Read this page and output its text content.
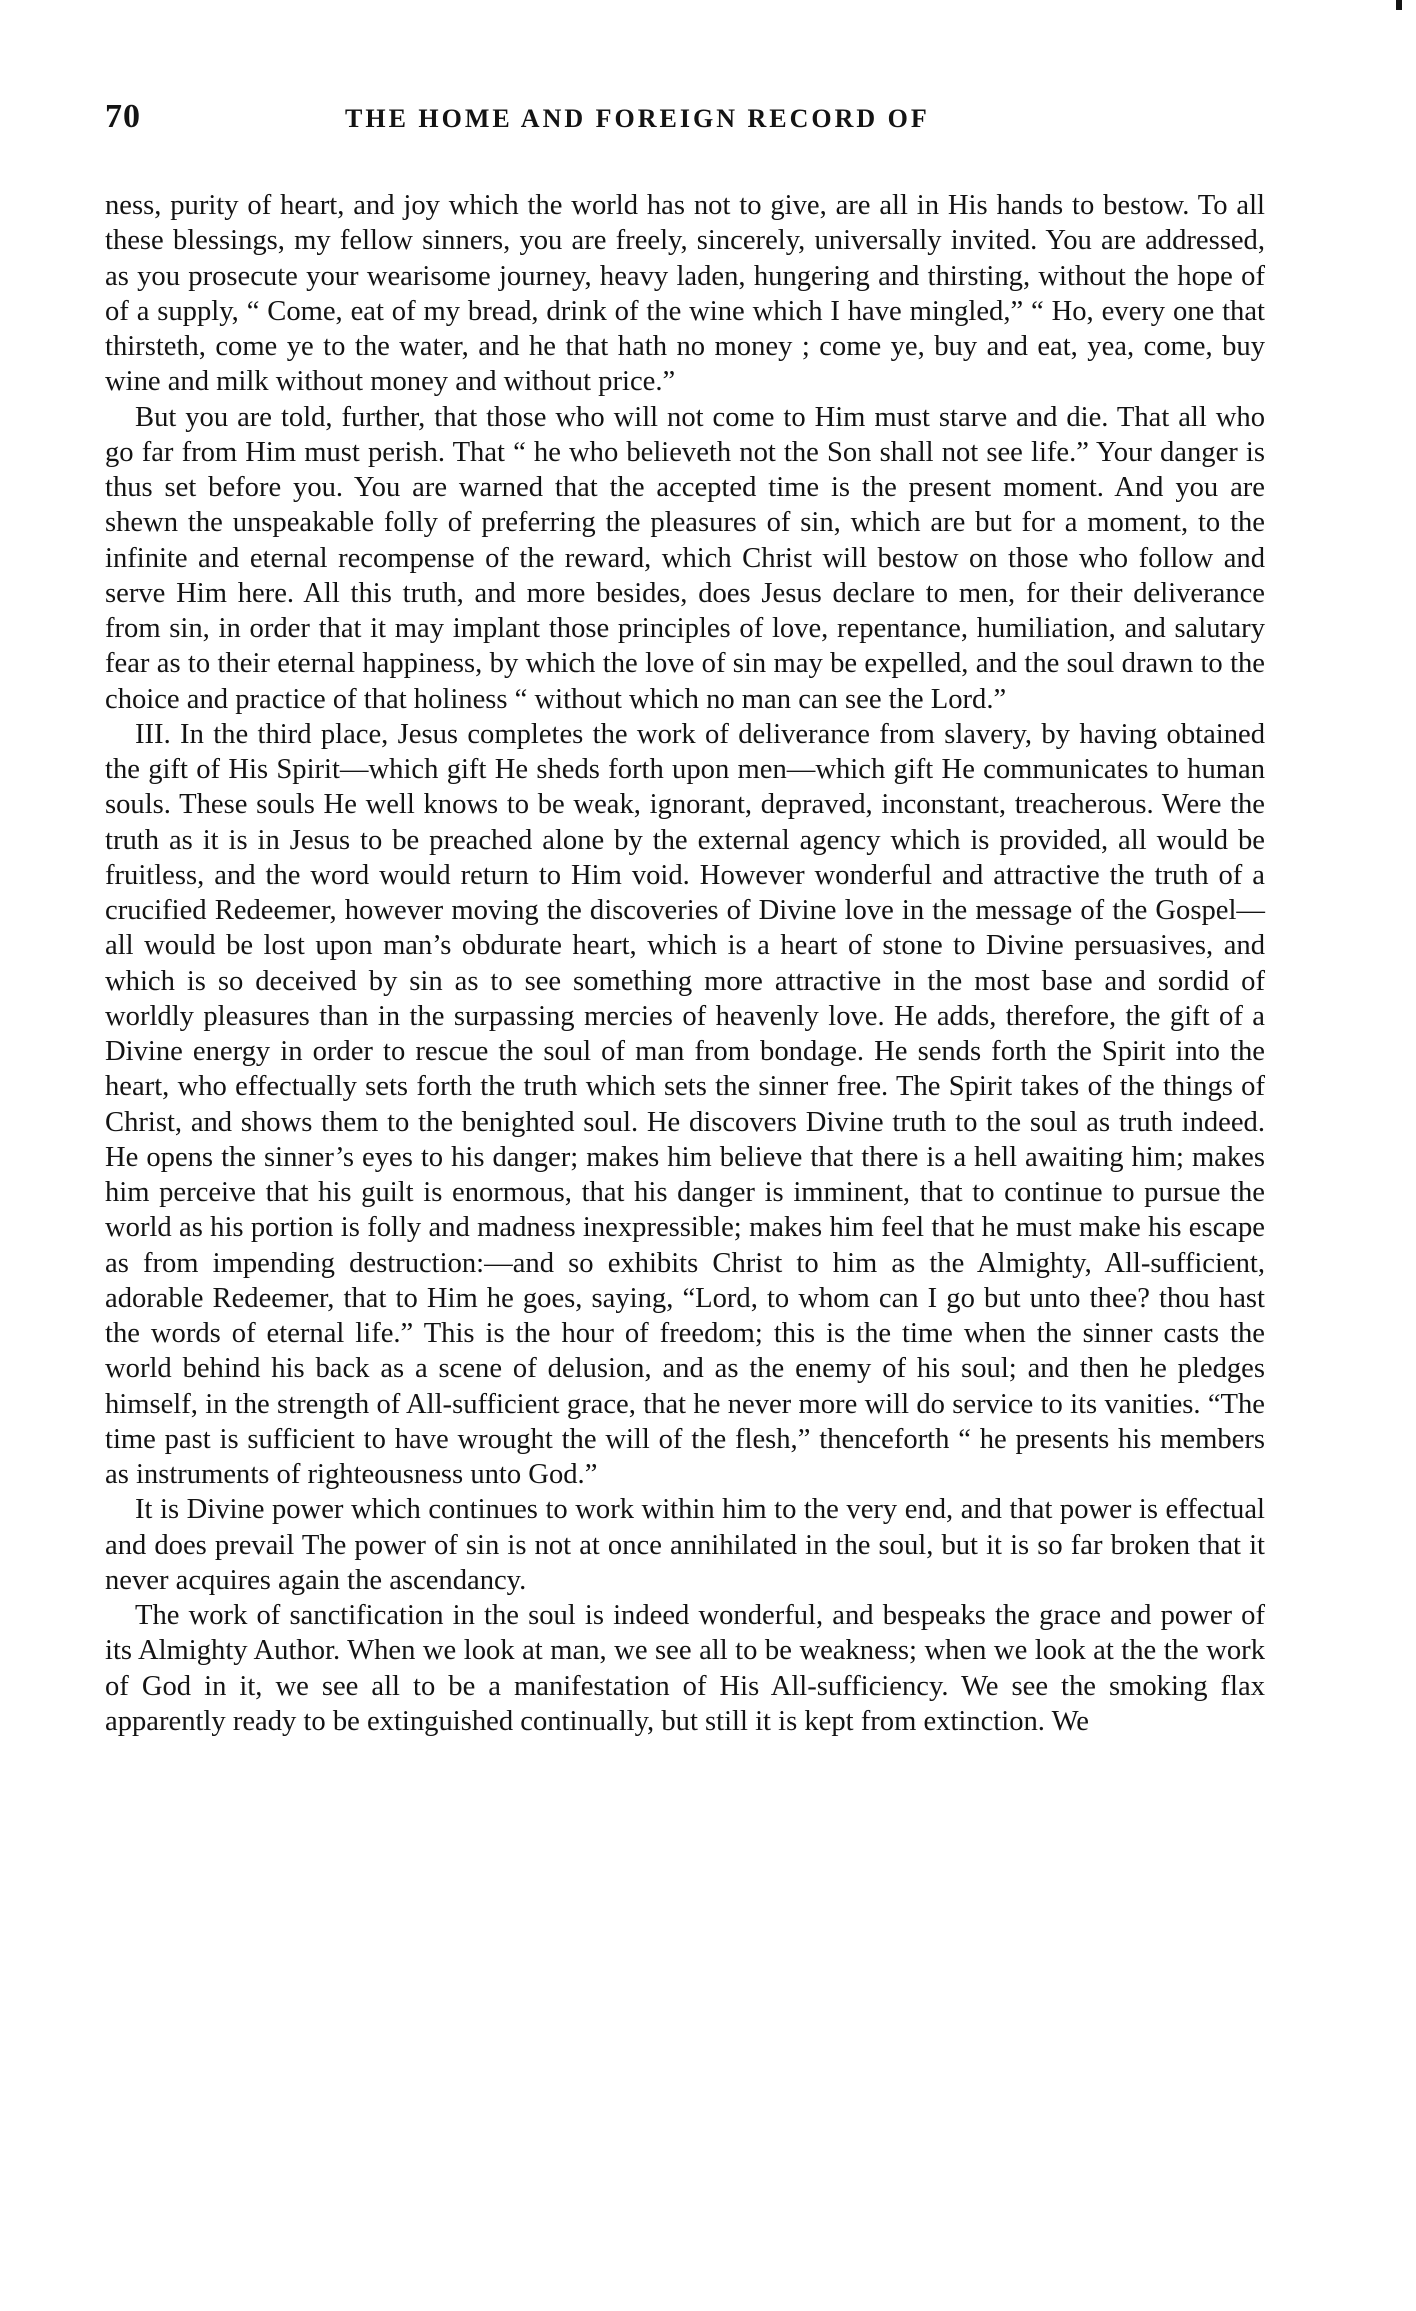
70	THE HOME AND FOREIGN RECORD OF

ness, purity of heart, and joy which the world has not to give, are all in His hands to bestow. To all these blessings, my fellow sinners, you are freely, sincerely, universally invited. You are addressed, as you prosecute your wearisome journey, heavy laden, hungering and thirsting, without the hope of of a supply, “ Come, eat of my bread, drink of the wine which I have mingled,” “ Ho, every one that thirsteth, come ye to the water, and he that hath no money ; come ye, buy and eat, yea, come, buy wine and milk without money and without price.”

But you are told, further, that those who will not come to Him must starve and die. That all who go far from Him must perish. That “ he who believeth not the Son shall not see life.” Your danger is thus set before you. You are warned that the accepted time is the present moment. And you are shewn the unspeakable folly of preferring the pleasures of sin, which are but for a moment, to the infinite and eternal recompense of the reward, which Christ will bestow on those who follow and serve Him here. All this truth, and more besides, does Jesus declare to men, for their deliverance from sin, in order that it may implant those principles of love, repentance, humiliation, and salutary fear as to their eternal happiness, by which the love of sin may be expelled, and the soul drawn to the choice and practice of that holiness “ without which no man can see the Lord.”

III. In the third place, Jesus completes the work of deliverance from slavery, by having obtained the gift of His Spirit—which gift He sheds forth upon men—which gift He communicates to human souls. These souls He well knows to be weak, ignorant, depraved, inconstant, treacherous. Were the truth as it is in Jesus to be preached alone by the external agency which is provided, all would be fruitless, and the word would return to Him void. However wonderful and attractive the truth of a crucified Redeemer, however moving the discoveries of Divine love in the message of the Gospel—all would be lost upon man’s obdurate heart, which is a heart of stone to Divine persuasives, and which is so deceived by sin as to see something more attractive in the most base and sordid of worldly pleasures than in the surpassing mercies of heavenly love. He adds, therefore, the gift of a Divine energy in order to rescue the soul of man from bondage. He sends forth the Spirit into the heart, who effectually sets forth the truth which sets the sinner free. The Spirit takes of the things of Christ, and shows them to the benighted soul. He discovers Divine truth to the soul as truth indeed. He opens the sinner’s eyes to his danger; makes him believe that there is a hell awaiting him; makes him perceive that his guilt is enormous, that his danger is imminent, that to continue to pursue the world as his portion is folly and madness inexpressible; makes him feel that he must make his escape as from impending destruction:—and so exhibits Christ to him as the Almighty, All-sufficient, adorable Redeemer, that to Him he goes, saying, “Lord, to whom can I go but unto thee? thou hast the words of eternal life.” This is the hour of freedom; this is the time when the sinner casts the world behind his back as a scene of delusion, and as the enemy of his soul; and then he pledges himself, in the strength of All-sufficient grace, that he never more will do service to its vanities. “The time past is sufficient to have wrought the will of the flesh,” thenceforth “ he presents his members as instruments of righteousness unto God.”

It is Divine power which continues to work within him to the very end, and that power is effectual and does prevail The power of sin is not at once annihilated in the soul, but it is so far broken that it never acquires again the ascendancy.

The work of sanctification in the soul is indeed wonderful, and bespeaks the grace and power of its Almighty Author. When we look at man, we see all to be weakness; when we look at the the work of God in it, we see all to be a manifestation of His All-sufficiency. We see the smoking flax apparently ready to be extinguished continually, but still it is kept from extinction. We
